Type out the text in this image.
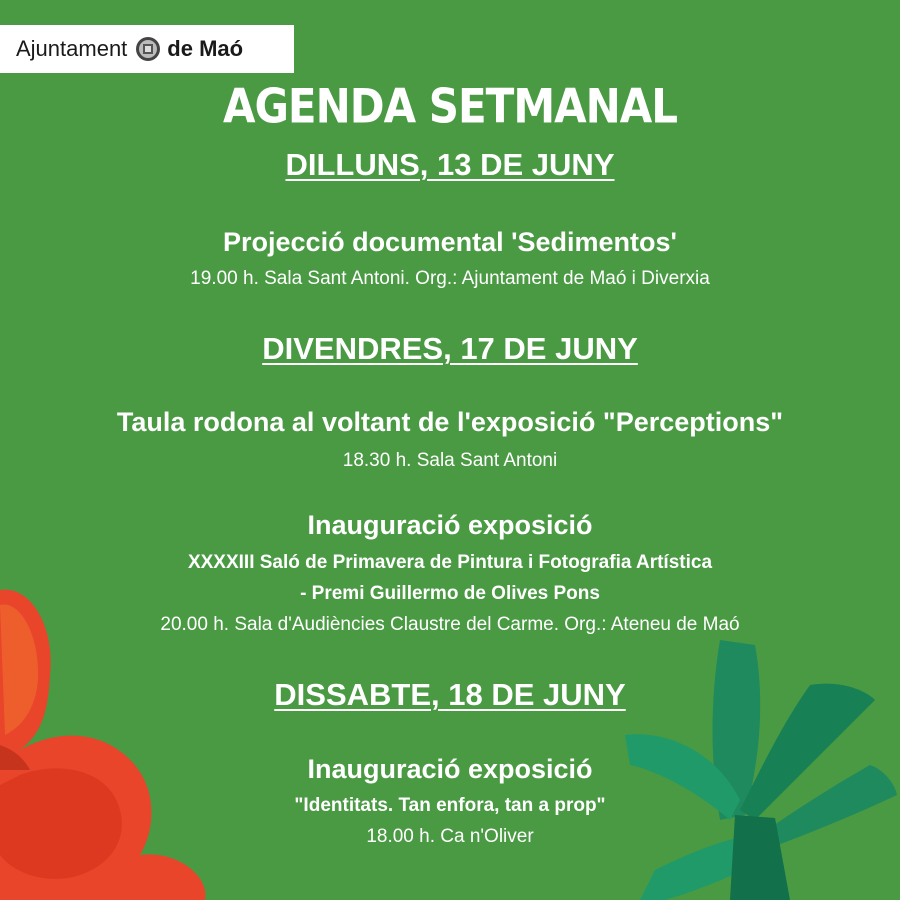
Ajuntament de Maó
AGENDA SETMANAL
DILLUNS, 13 DE JUNY
Projecció documental 'Sedimentos'
19.00 h. Sala Sant Antoni. Org.: Ajuntament de Maó i Diverxia
DIVENDRES, 17 DE JUNY
Taula rodona al voltant de l'exposició "Perceptions"
18.30 h. Sala Sant Antoni
Inauguració exposició
XXXXIII Saló de Primavera de Pintura i Fotografia Artística
- Premi Guillermo de Olives Pons
20.00 h. Sala d'Audiències Claustre del Carme. Org.: Ateneu de Maó
DISSABTE, 18 DE JUNY
Inauguració exposició
"Identitats. Tan enfora, tan a prop"
18.00 h. Ca n'Oliver
